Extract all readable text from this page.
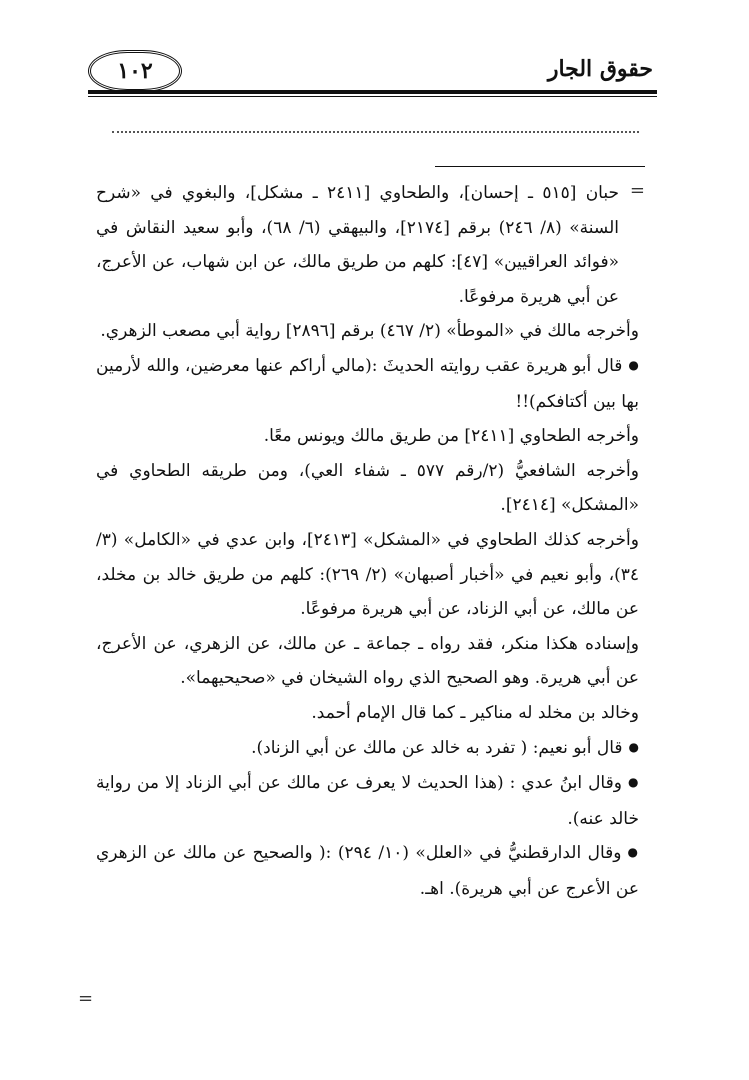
١٠٢	حقوق الجار
=
=

حبان [٥١٥ ـ إحسان]، والطحاوي [٢٤١١ ـ مشكل]، والبغوي في «شرح السنة» (٨/ ٢٤٦) برقم [٢١٧٤]، والبيهقي (٦/ ٦٨)، وأبو سعيد النقاش في «فوائد العراقيين» [٤٧]: كلهم من طريق مالك، عن ابن شهاب، عن الأعرج، عن أبي هريرة مرفوعًا.

وأخرجه مالك في «الموطأ» (٢/ ٤٦٧) برقم [٢٨٩٦] رواية أبي مصعب الزهري.

● قال أبو هريرة عقب روايته الحديثَ :(مالي أراكم عنها معرضين، والله لأرمين بها بين أكتافكم)!!

وأخرجه الطحاوي [٢٤١١] من طريق مالك ويونس معًا.

وأخرجه الشافعيُّ (٢/رقم ٥٧٧ ـ شفاء العي)، ومن طريقه الطحاوي في «المشكل» [٢٤١٤].

وأخرجه كذلك الطحاوي في «المشكل» [٢٤١٣]، وابن عدي في «الكامل» (٣/ ٣٤)، وأبو نعيم في «أخبار أصبهان» (٢/ ٢٦٩): كلهم من طريق خالد بن مخلد، عن مالك، عن أبي الزناد، عن أبي هريرة مرفوعًا.

وإسناده هكذا منكر، فقد رواه ـ جماعة ـ عن مالك، عن الزهري، عن الأعرج، عن أبي هريرة. وهو الصحيح الذي رواه الشيخان في «صحيحيهما».

وخالد بن مخلد له مناكير ـ كما قال الإمام أحمد.

● قال أبو نعيم: ( تفرد به خالد عن مالك عن أبي الزناد).

● وقال ابنُ عدي : (هذا الحديث لا يعرف عن مالك عن أبي الزناد إلا من رواية خالد عنه).

● وقال الدارقطنيُّ في «العلل» (١٠/ ٢٩٤) :( والصحيح عن مالك عن الزهري عن الأعرج عن أبي هريرة). اهـ.
